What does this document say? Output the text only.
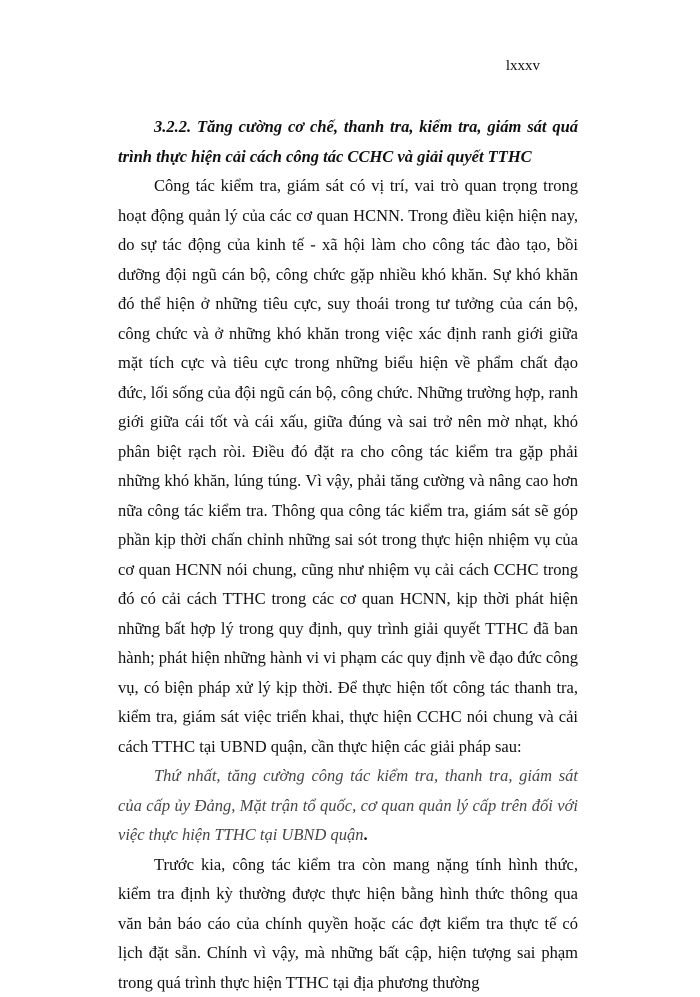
lxxxv

3.2.2. Tăng cường cơ chế, thanh tra, kiểm tra, giám sát quá trình thực hiện cải cách công tác CCHC và giải quyết TTHC

Công tác kiểm tra, giám sát có vị trí, vai trò quan trọng trong hoạt động quản lý của các cơ quan HCNN. Trong điều kiện hiện nay, do sự tác động của kinh tế - xã hội làm cho công tác đào tạo, bồi dưỡng đội ngũ cán bộ, công chức gặp nhiều khó khăn. Sự khó khăn đó thể hiện ở những tiêu cực, suy thoái trong tư tưởng của cán bộ, công chức và ở những khó khăn trong việc xác định ranh giới giữa mặt tích cực và tiêu cực trong những biểu hiện về phẩm chất đạo đức, lối sống của đội ngũ cán bộ, công chức. Những trường hợp, ranh giới giữa cái tốt và cái xấu, giữa đúng và sai trở nên mờ nhạt, khó phân biệt rạch ròi. Điều đó đặt ra cho công tác kiểm tra gặp phải những khó khăn, lúng túng. Vì vậy, phải tăng cường và nâng cao hơn nữa công tác kiểm tra. Thông qua công tác kiểm tra, giám sát sẽ góp phần kịp thời chấn chỉnh những sai sót trong thực hiện nhiệm vụ của cơ quan HCNN nói chung, cũng như nhiệm vụ cải cách CCHC trong đó có cải cách TTHC trong các cơ quan HCNN, kịp thời phát hiện những bất hợp lý trong quy định, quy trình giải quyết TTHC đã ban hành; phát hiện những hành vi vi phạm các quy định về đạo đức công vụ, có biện pháp xử lý kịp thời. Để thực hiện tốt công tác thanh tra, kiểm tra, giám sát việc triển khai, thực hiện CCHC nói chung và cải cách TTHC tại UBND quận, cần thực hiện các giải pháp sau:

Thứ nhất, tăng cường công tác kiểm tra, thanh tra, giám sát của cấp ủy Đảng, Mặt trận tổ quốc, cơ quan quản lý cấp trên đối với việc thực hiện TTHC tại UBND quận.

Trước kia, công tác kiểm tra còn mang nặng tính hình thức, kiểm tra định kỳ thường được thực hiện bằng hình thức thông qua văn bản báo cáo của chính quyền hoặc các đợt kiểm tra thực tế có lịch đặt sẵn. Chính vì vậy, mà những bất cập, hiện tượng sai phạm trong quá trình thực hiện TTHC tại địa phương thường
